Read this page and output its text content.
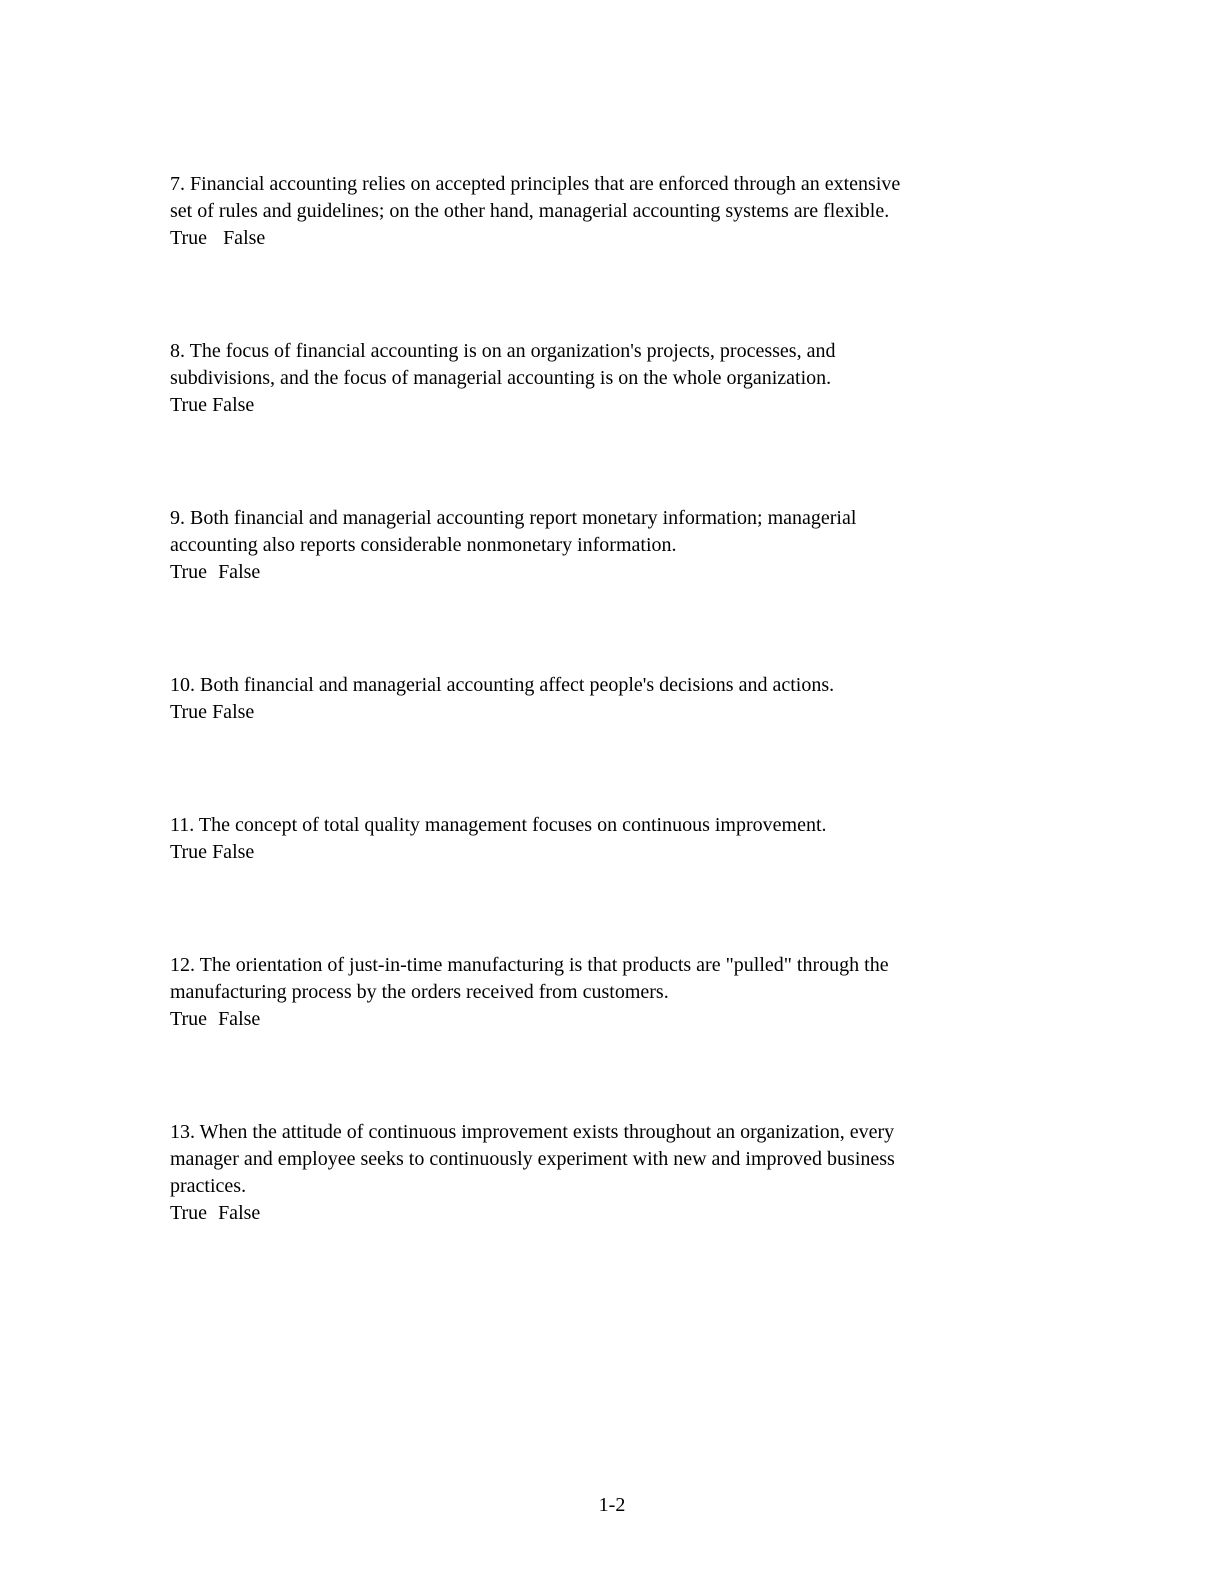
7. Financial accounting relies on accepted principles that are enforced through an extensive
set of rules and guidelines; on the other hand, managerial accounting systems are flexible.
True False
8. The focus of financial accounting is on an organization's projects, processes, and
subdivisions, and the focus of managerial accounting is on the whole organization.
True False
9. Both financial and managerial accounting report monetary information; managerial
accounting also reports considerable nonmonetary information.
True False
10. Both financial and managerial accounting affect people's decisions and actions.
True False
11. The concept of total quality management focuses on continuous improvement.
True False
12. The orientation of just-in-time manufacturing is that products are "pulled" through the
manufacturing process by the orders received from customers.
True False
13. When the attitude of continuous improvement exists throughout an organization, every
manager and employee seeks to continuously experiment with new and improved business
practices.
True False
1-2
